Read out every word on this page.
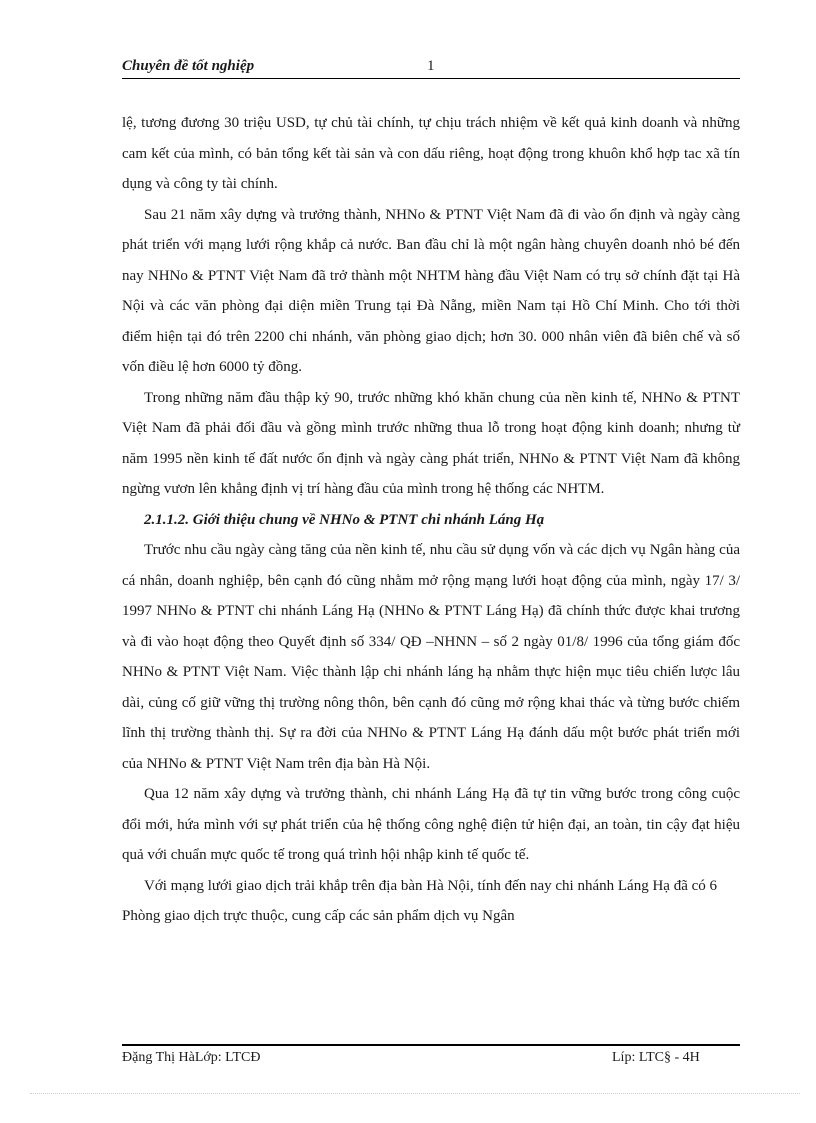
Chuyên đề tốt nghiệp	1

lệ, tương đương 30 triệu USD, tự chủ tài chính, tự chịu trách nhiệm về kết quả kinh doanh và những cam kết của mình, có bản tổng kết tài sản và con dấu riêng, hoạt động trong khuôn khổ hợp tac xã tín dụng và công ty tài chính.

Sau 21 năm xây dựng và trưởng thành, NHNo & PTNT Việt Nam đã đi vào ổn định và ngày càng phát triển với mạng lưới rộng khắp cả nước. Ban đầu chỉ là một ngân hàng chuyên doanh nhỏ bé đến nay NHNo & PTNT Việt Nam đã trở thành một NHTM hàng đầu Việt Nam có trụ sở chính đặt tại Hà Nội và các văn phòng đại diện miền Trung tại Đà Nẵng, miền Nam tại Hồ Chí Minh. Cho tới thời điểm hiện tại đó trên 2200 chi nhánh, văn phòng giao dịch; hơn 30. 000 nhân viên đã biên chế và số vốn điều lệ hơn 6000 tỷ đồng.

Trong những năm đầu thập kỷ 90, trước những khó khăn chung của nền kinh tế, NHNo & PTNT Việt Nam đã phải đối đầu và gồng mình trước những thua lỗ trong hoạt động kinh doanh; nhưng từ năm 1995 nền kinh tế đất nước ổn định và ngày càng phát triển, NHNo & PTNT Việt Nam đã không ngừng vươn lên khẳng định vị trí hàng đầu của mình trong hệ thống các NHTM.

2.1.1.2. Giới thiệu chung về NHNo & PTNT chi nhánh Láng Hạ

Trước nhu cầu ngày càng tăng của nền kinh tế, nhu cầu sử dụng vốn và các dịch vụ Ngân hàng của cá nhân, doanh nghiệp, bên cạnh đó cũng nhằm mở rộng mạng lưới hoạt động của mình, ngày 17/ 3/ 1997 NHNo & PTNT chi nhánh Láng Hạ (NHNo & PTNT Láng Hạ) đã chính thức được khai trương và đi vào hoạt động theo Quyết định số 334/ QĐ –NHNN – số 2 ngày 01/8/ 1996 của tổng giám đốc NHNo & PTNT Việt Nam. Việc thành lập chi nhánh láng hạ nhằm thực hiện mục tiêu chiến lược lâu dài, củng cố giữ vững thị trường nông thôn, bên cạnh đó cũng mở rộng khai thác và từng bước chiếm lĩnh thị trường thành thị. Sự ra đời của NHNo & PTNT Láng Hạ đánh dấu một bước phát triển mới của NHNo & PTNT Việt Nam trên địa bàn Hà Nội.

Qua 12 năm xây dựng và trưởng thành, chi nhánh Láng Hạ đã tự tin vững bước trong công cuộc đổi mới, hứa mình với sự phát triển của hệ thống công nghệ điện tử hiện đại, an toàn, tin cậy đạt hiệu quả với chuẩn mực quốc tế trong quá trình hội nhập kinh tế quốc tế.

Với mạng lưới giao dịch trải khắp trên địa bàn Hà Nội, tính đến nay chi nhánh Láng Hạ đã có 6 Phòng giao dịch trực thuộc, cung cấp các sản phẩm dịch vụ Ngân

Đặng Thị HàLớp: LTCĐ	Líp: LTC§ - 4H
